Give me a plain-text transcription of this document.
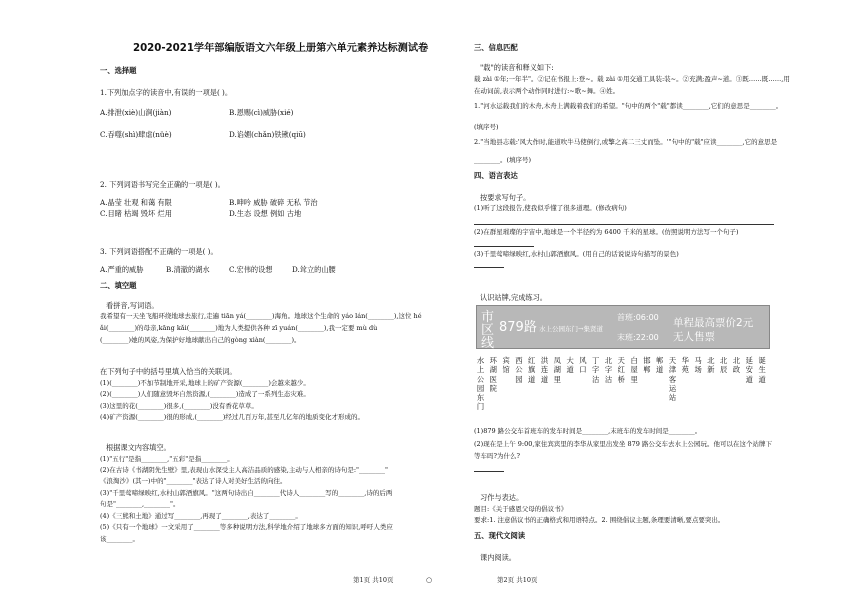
2020-2021学年部编版语文六年级上册第六单元素养达标测试卷
一、选择题
1.下列加点字的读音中,有误的一项是( )。
A.排泄(xiè)山涧(jiàn)	B.恩赐(cì)威胁(xié)
C.吞噬(shì)肆虐(nüè)	D.谄媚(chǎn)铁锹(qiū)
2. 下列词语书写完全正确的一项是( )。
A.晶莹 壮观 和蔼 有限	B.呻吟 威胁 破碎 无私 节治
C.目睹 枯竭 毁坏 烂用	D.生态 设想 例如 古地
3. 下列词语搭配不正确的一项是( )。
A.严重的威胁	B.清澈的湖水	C.宏伟的设想	D.耸立的山腰
二、填空题
看拼音,写词语。
我希望有一天坐飞船环绕地球去旅行,走遍 tiān yá(________)海角。地球这个生命的 yáo lán(________),这位 hé
ǎi(________)的母亲,kāng kǎi(________)地为人类提供各种 zī yuán(________),我一定要 mù dù
(________)她的风姿,为保护好地球献出自己的gòng xiàn(________)。
在下列句子中的括号里填入恰当的关联词。
(1)(________)不加节制地开采,地球上的矿产资源(________)会越来越少。
(2)(________)人们随意毁坏自然资源,(________)造成了一系列生态灾难。
(3)这里的花(________)很多,(________)没有香花草草。
(4)矿产资源(________)很的形成,(________)经过几百万年,甚至几亿年的地质变化才形成的。
根据课文内容填空。
(1)"五行"是指________,"五彩"是指________。
(2)在古诗《书湖阴先生壁》里,表现山水深受主人高洁品质的感染,主动与人相亲的诗句是:"________"
《浪淘沙》(其一)中的"________"表达了诗人对美好生活的向往。
(3)"千里莺啼绿映红,水村山郭酒旗风。"这两句诗出自________代诗人________写的________,诗的后两
句是"________,________"。
(4)《三熊和土地》通过写________,再现了________,表达了________。
(5)《只有一个地球》一文采用了________等多种说明方法,科学地介绍了地球多方面的知识,呼吁人类应
该________。
第1页 共10页	○
三、信息匹配
"载"的读音和释义如下:
载 zài ①年;一年半"。②记在书报上:登~。载 zài ①用交通工具装:装~。②充满;盈声~道。③既……既……,用
在动词前,表示两个动作同时进行:~歌~舞。④姓。
1."河水运载我们的木舟,木舟上满载着我们的希望。"句中的两个"载"都读________,它们的意思是________。
(填序号)
2."当地县志载:'风大作时,能道吹牛马使倒行,或擎之高二三丈而坠。'"句中的"载"应读________,它的意思是
________。(填序号)
四、语言表达
按要求写句子。
(1)听了这段报告,使我似乎懂了很多道理。(修改病句)
(2)在群星璀璨的宇宙中,地球是一个半径约为 6400 千米的星球。(仿照说明方法写一个句子)
(3)千里莺啼绿映红,水村山郭酒旗风。(用自己的话说说诗句描写的景色)
认识站牌,完成练习。
市
区
线
879路 水上公园东门→集贤道
首班:06:00
末班:22:00
单程最高票价2元
无人售票
水上公园东门
环湖医院
宾馆
西公园
红旗道
洪连道
凤湖里
大道
风口
丁字沽
北字沽
天红桥
白屋里
邯郸
郸道
天津客运站
华苑
马场
北新
北辰
北政
延安道
诞生道
(1)879 路公交车首班车的发车时间是________,末班车的发车时间是________。
(2)现在是上午 9:00,家住宾宾里的李华从家里出发坐 879 路公交车去水上公园玩。他可以在这个站牌下
等车吗?为什么?
习作与表达。
题目:《关于感恩父母的倡议书》
要求:1. 注意倡议书的正确格式和用语特点。2. 围绕倡议主题,条理要清晰,要点要突出。
五、现代文阅读
课内阅读。
第2页 共10页
